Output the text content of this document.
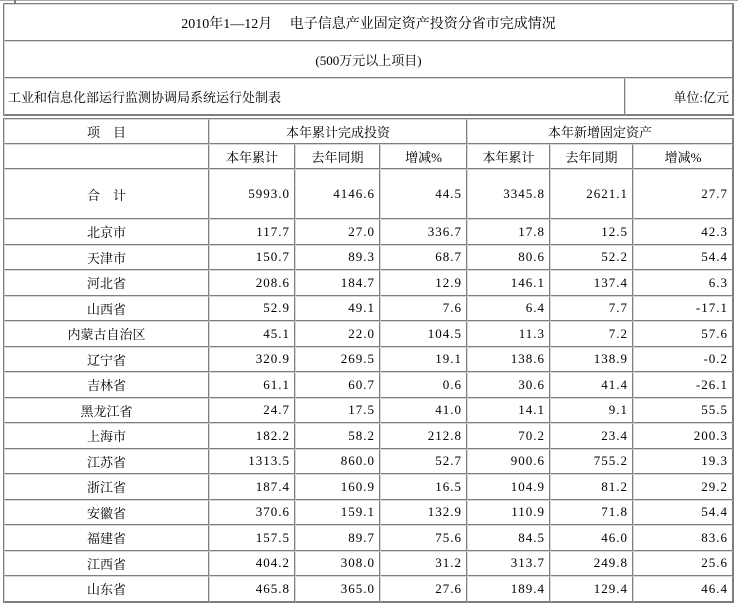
2010年1—12月　 电子信息产业固定资产投资分省市完成情况
(500万元以上项目)
工业和信息化部运行监测协调局系统运行处制表	单位:亿元
项　目	本年累计完成投资			本年新增固定资产		
	本年累计	去年同期	增减%	本年累计	去年同期	增减%
合　计	5993.0	4146.6	44.5	3345.8	2621.1	27.7
北京市	117.7	27.0	336.7	17.8	12.5	42.3
天津市	150.7	89.3	68.7	80.6	52.2	54.4
河北省	208.6	184.7	12.9	146.1	137.4	6.3
山西省	52.9	49.1	7.6	6.4	7.7	-17.1
内蒙古自治区	45.1	22.0	104.5	11.3	7.2	57.6
辽宁省	320.9	269.5	19.1	138.6	138.9	-0.2
吉林省	61.1	60.7	0.6	30.6	41.4	-26.1
黑龙江省	24.7	17.5	41.0	14.1	9.1	55.5
上海市	182.2	58.2	212.8	70.2	23.4	200.3
江苏省	1313.5	860.0	52.7	900.6	755.2	19.3
浙江省	187.4	160.9	16.5	104.9	81.2	29.2
安徽省	370.6	159.1	132.9	110.9	71.8	54.4
福建省	157.5	89.7	75.6	84.5	46.0	83.6
江西省	404.2	308.0	31.2	313.7	249.8	25.6
山东省	465.8	365.0	27.6	189.4	129.4	46.4
